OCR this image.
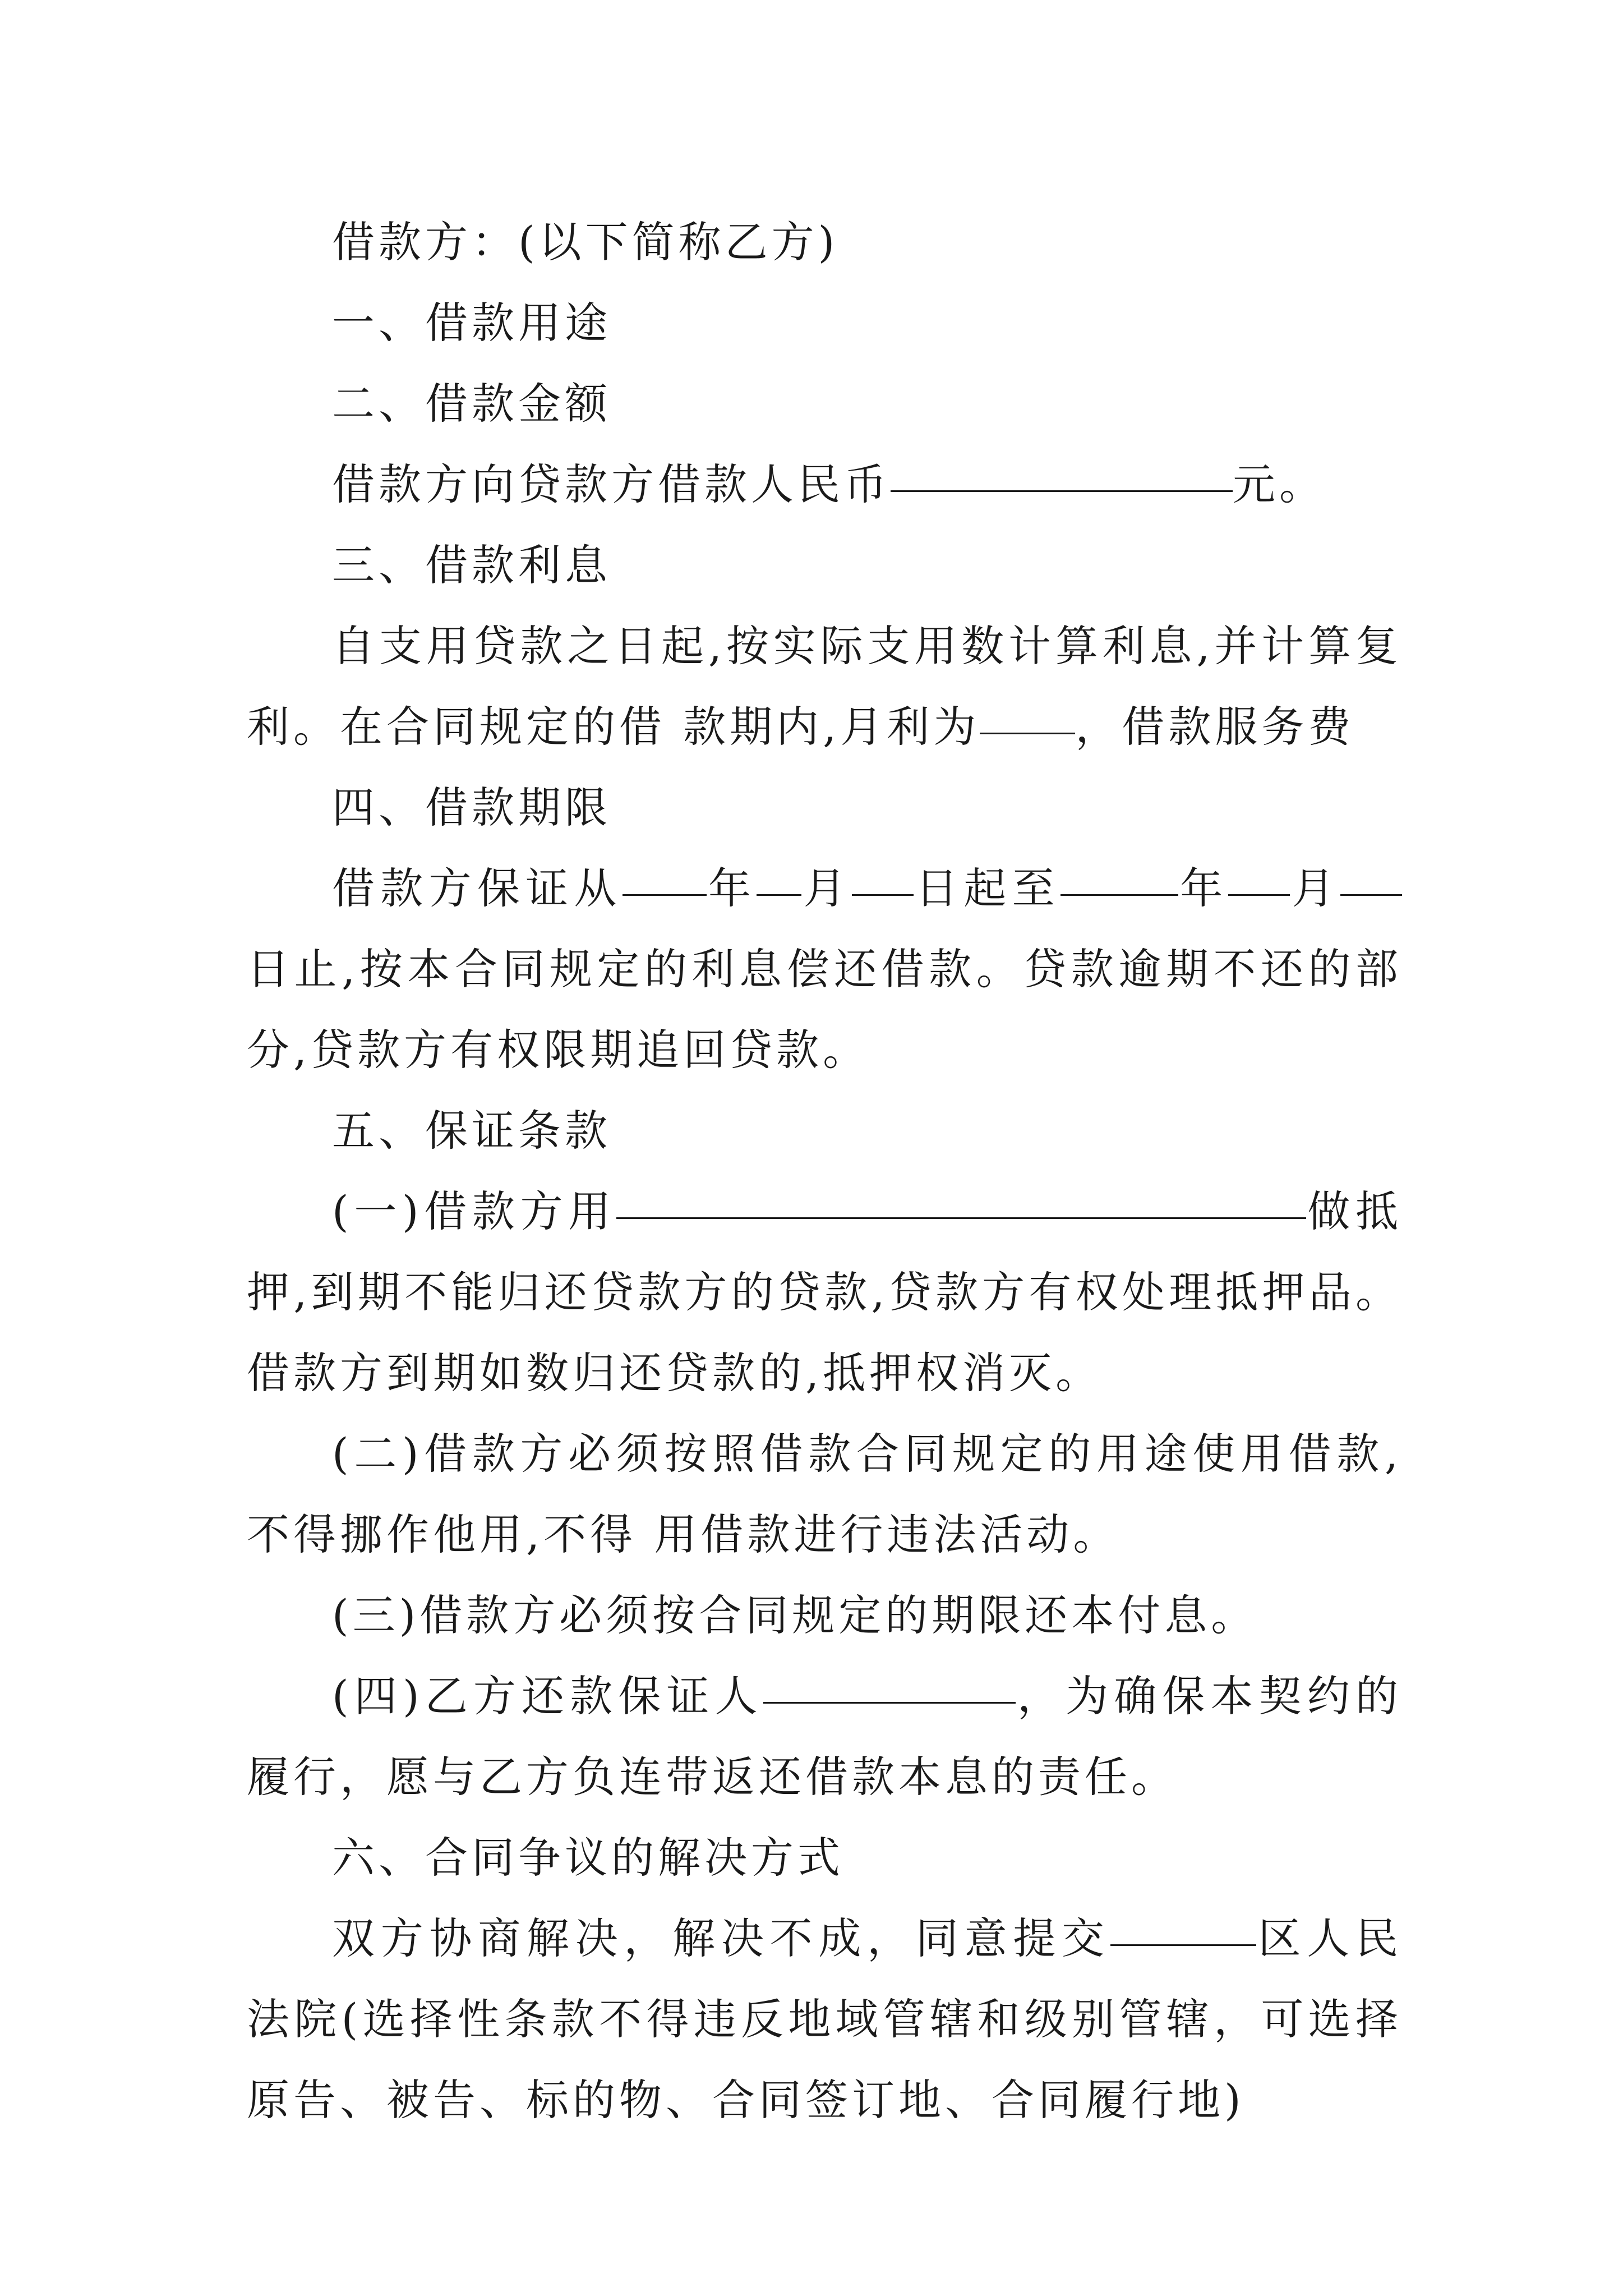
借款方：(以下简称乙方)

一、借款用途

二、借款金额

借款方向贷款方借款人民币	元。

三、借款利息

自支用贷款之日起,按实际支用数计算利息,并计算复利。在合同规定的借 款期内,月利为 ，借款服务费

四、借款期限

借款方保证从 年 月 日起至	年 月日止,按本合同规定的利息偿还借款。贷款逾期不还的部分,贷款方有权限期追回贷款。

五、保证条款

(一)借款方用	做抵押,到期不能归还贷款方的贷款,贷款方有权处理抵押品。借款方到期如数归还贷款的,抵押权消灭。

(二)借款方必须按照借款合同规定的用途使用借款,不得挪作他用,不得 用借款进行违法活动。

(三)借款方必须按合同规定的期限还本付息。

(四)乙方还款保证人	，为确保本契约的履行，愿与乙方负连带返还借款本息的责任。

六、合同争议的解决方式

双方协商解决，解决不成，同意提交	区人民法院(选择性条款不得违反地域管辖和级别管辖，可选择原告、被告、标的物、合同签订地、合同履行地)
